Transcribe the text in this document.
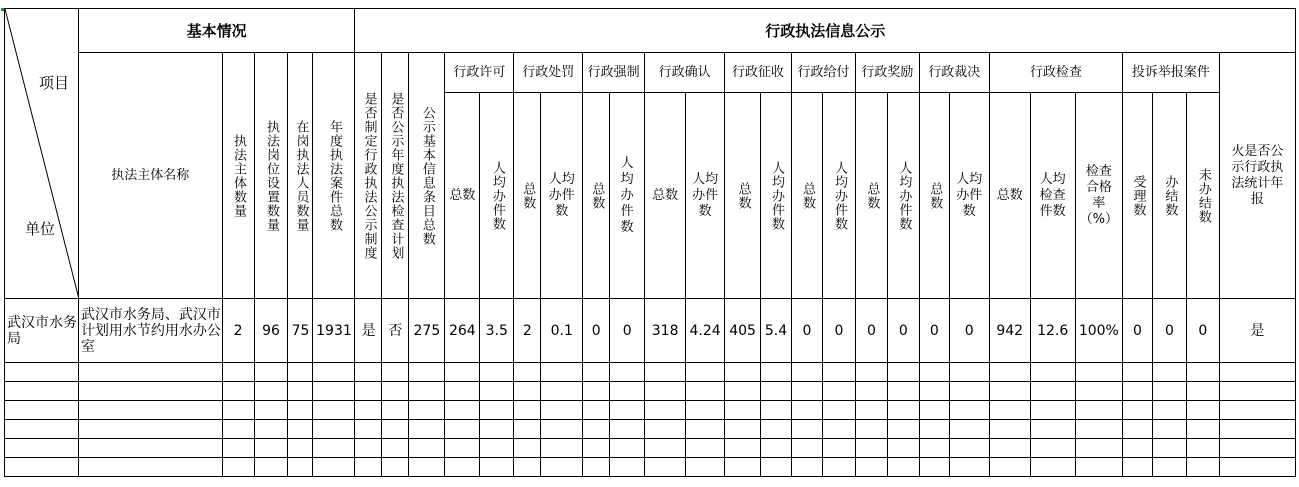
项目
单位	基本情况					行政执法信息公示																									
	执法主体名称	执法主体数量	执法岗位设置数量	在岗执法人员数量	年度执法案件总数	是否制定行政执法公示制度	是否公示年度执法检查计划	公示基本信息条目总数	行政许可		行政处罚		行政强制		行政确认		行政征收		行政给付		行政奖励		行政裁决		行政检查			投诉举报案件			火是否公示行政执法统计年报
									总数	人均办件数	总数	人均办件数	总数	人均办件数	总数	人均办件数	总数	人均办件数	总数	人均办件数	总数	人均办件数	总数	人均办件数	总数	人均检查件数	检查合格率（%）	受理数	办结数	未办结数	

武汉市水务局	武汉市水务局、武汉市计划用水节约用水办公室	2	96	75	1931	是	否	275	264	3.5	2	0.1	0	0	318	4.24	405	5.4	0	0	0	0	0	0	942	12.6	100%	0	0	0	是
